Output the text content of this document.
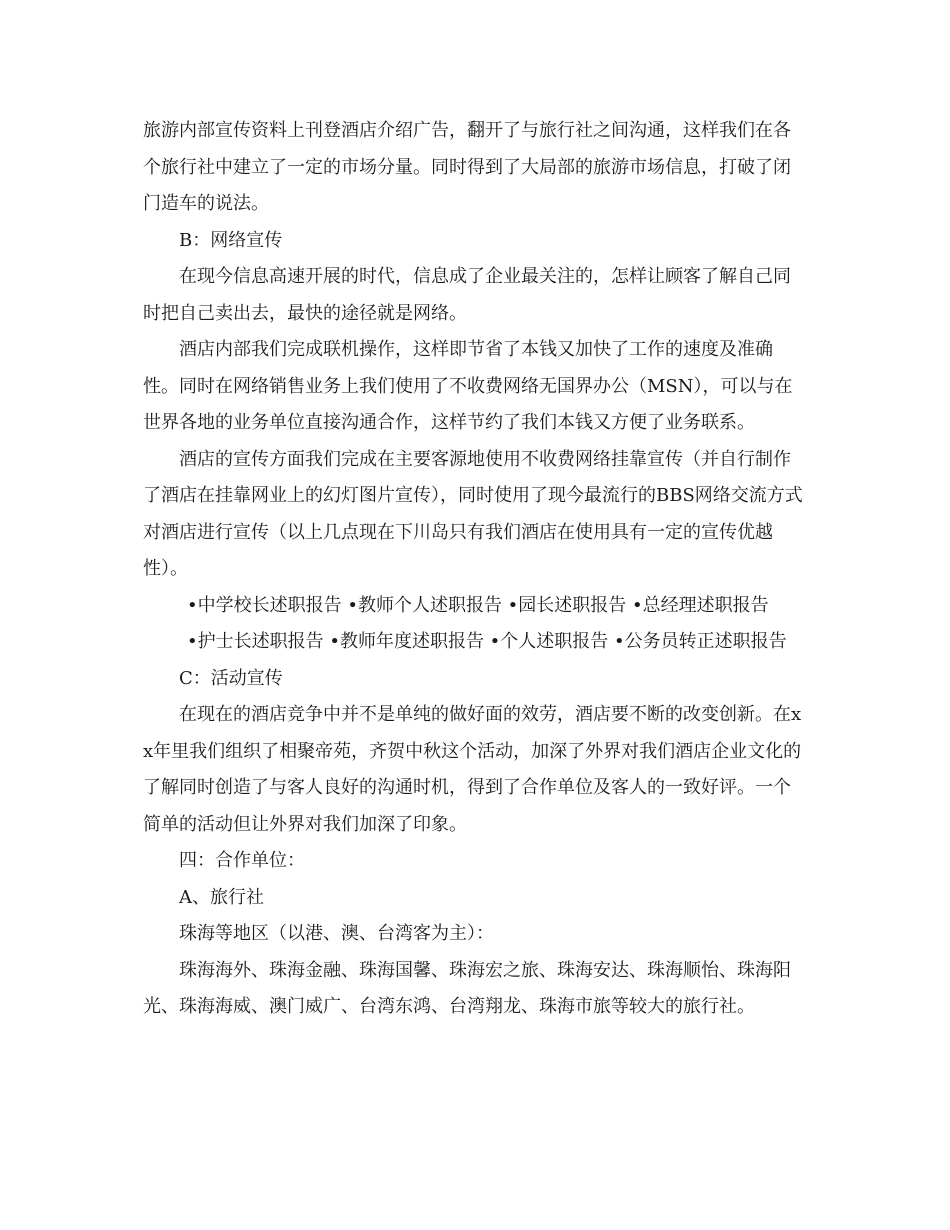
旅游内部宣传资料上刊登酒店介绍广告，翻开了与旅行社之间沟通，这样我们在各个旅行社中建立了一定的市场分量。同时得到了大局部的旅游市场信息，打破了闭门造车的说法。

B：网络宣传

在现今信息高速开展的时代，信息成了企业最关注的，怎样让顾客了解自己同时把自己卖出去，最快的途径就是网络。

酒店内部我们完成联机操作，这样即节省了本钱又加快了工作的速度及准确性。同时在网络销售业务上我们使用了不收费网络无国界办公（MSN），可以与在世界各地的业务单位直接沟通合作，这样节约了我们本钱又方便了业务联系。

酒店的宣传方面我们完成在主要客源地使用不收费网络挂靠宣传（并自行制作了酒店在挂靠网业上的幻灯图片宣传），同时使用了现今最流行的BBS网络交流方式对酒店进行宣传（以上几点现在下川岛只有我们酒店在使用具有一定的宣传优越性）。

•中学校长述职报告 •教师个人述职报告 •园长述职报告 •总经理述职报告

•护士长述职报告 •教师年度述职报告 •个人述职报告 •公务员转正述职报告

C：活动宣传

在现在的酒店竞争中并不是单纯的做好面的效劳，酒店要不断的改变创新。在xx年里我们组织了相聚帝苑，齐贺中秋这个活动，加深了外界对我们酒店企业文化的了解同时创造了与客人良好的沟通时机，得到了合作单位及客人的一致好评。一个简单的活动但让外界对我们加深了印象。

四：合作单位：

A、旅行社

珠海等地区（以港、澳、台湾客为主）：

珠海海外、珠海金融、珠海国馨、珠海宏之旅、珠海安达、珠海顺怡、珠海阳光、珠海海威、澳门威广、台湾东鸿、台湾翔龙、珠海市旅等较大的旅行社。
